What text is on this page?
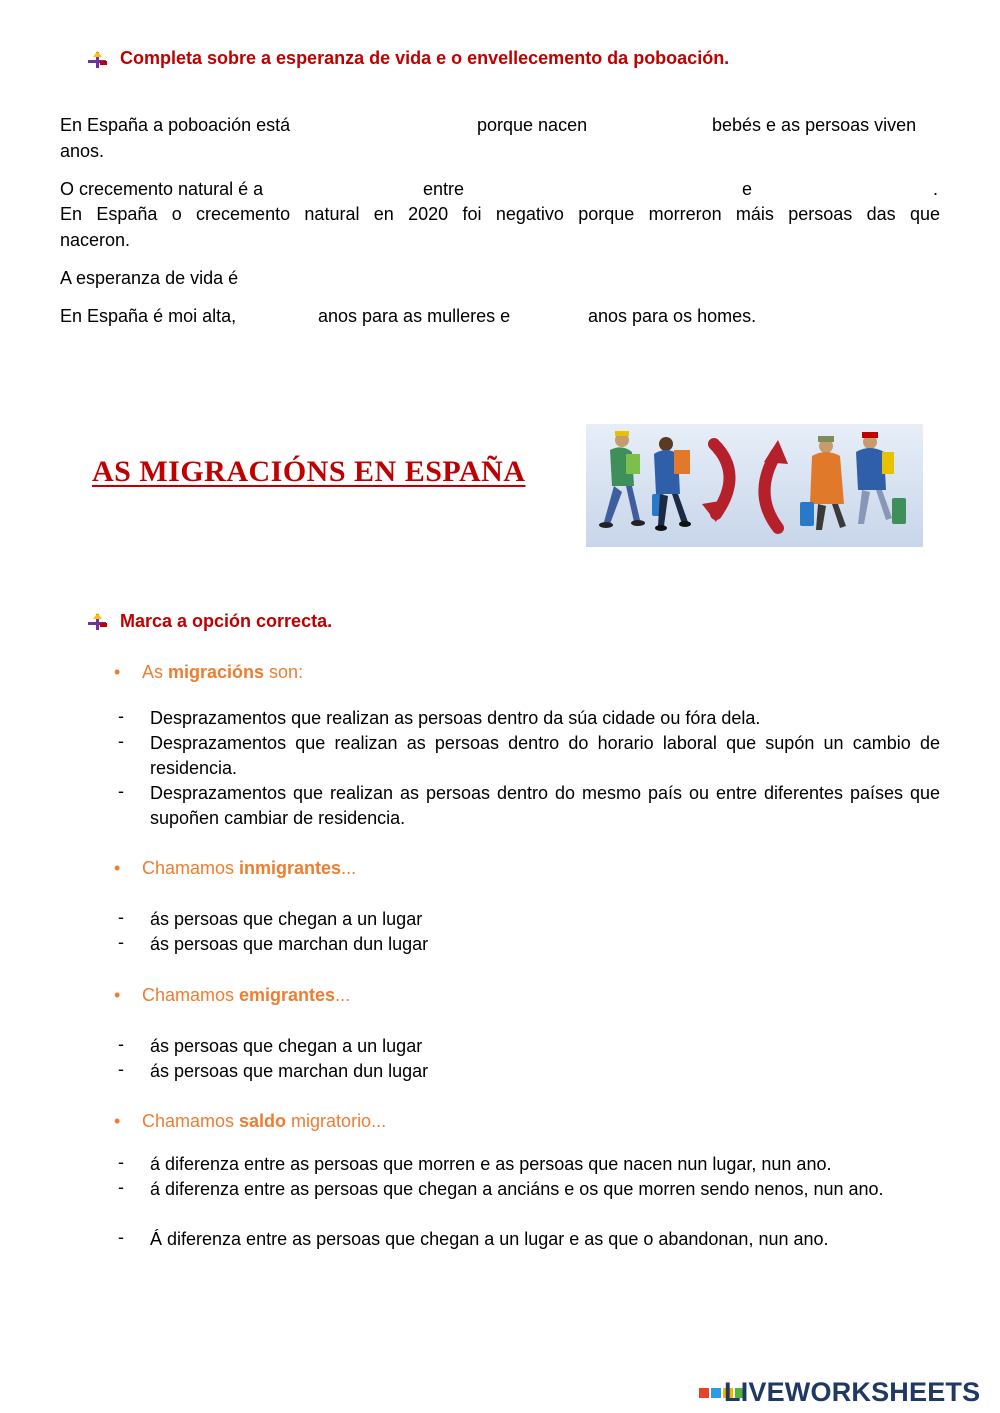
Completa sobre a esperanza de vida e o envellecemento da poboación.
En España a poboación está	porque nacen	bebés e as persoas viven
anos.
O crecemento natural é a	entre	e	.
En España o crecemento natural en 2020 foi negativo porque morreron máis persoas das que
naceron.
A esperanza de vida é
En España é moi alta,	anos para as mulleres e	anos para os homes.
AS MIGRACIÓNS EN ESPAÑA
Marca a opción correcta.
• As migracións son:
- Desprazamentos que realizan as persoas dentro da súa cidade ou fóra dela.
- Desprazamentos que realizan as persoas dentro do horario laboral que supón un cambio de residencia.
- Desprazamentos que realizan as persoas dentro do mesmo país ou entre diferentes países que supoñen cambiar de residencia.
• Chamamos inmigrantes...
- ás persoas que chegan a un lugar
- ás persoas que marchan dun lugar
• Chamamos emigrantes...
- ás persoas que chegan a un lugar
- ás persoas que marchan dun lugar
• Chamamos saldo migratorio...
- á diferenza entre as persoas que morren e as persoas que nacen nun lugar, nun ano.
- á diferenza entre as persoas que chegan a anciáns e os que morren sendo nenos, nun ano.
- Á diferenza entre as persoas que chegan a un lugar e as que o abandonan, nun ano.
LIVEWORKSHEETS
